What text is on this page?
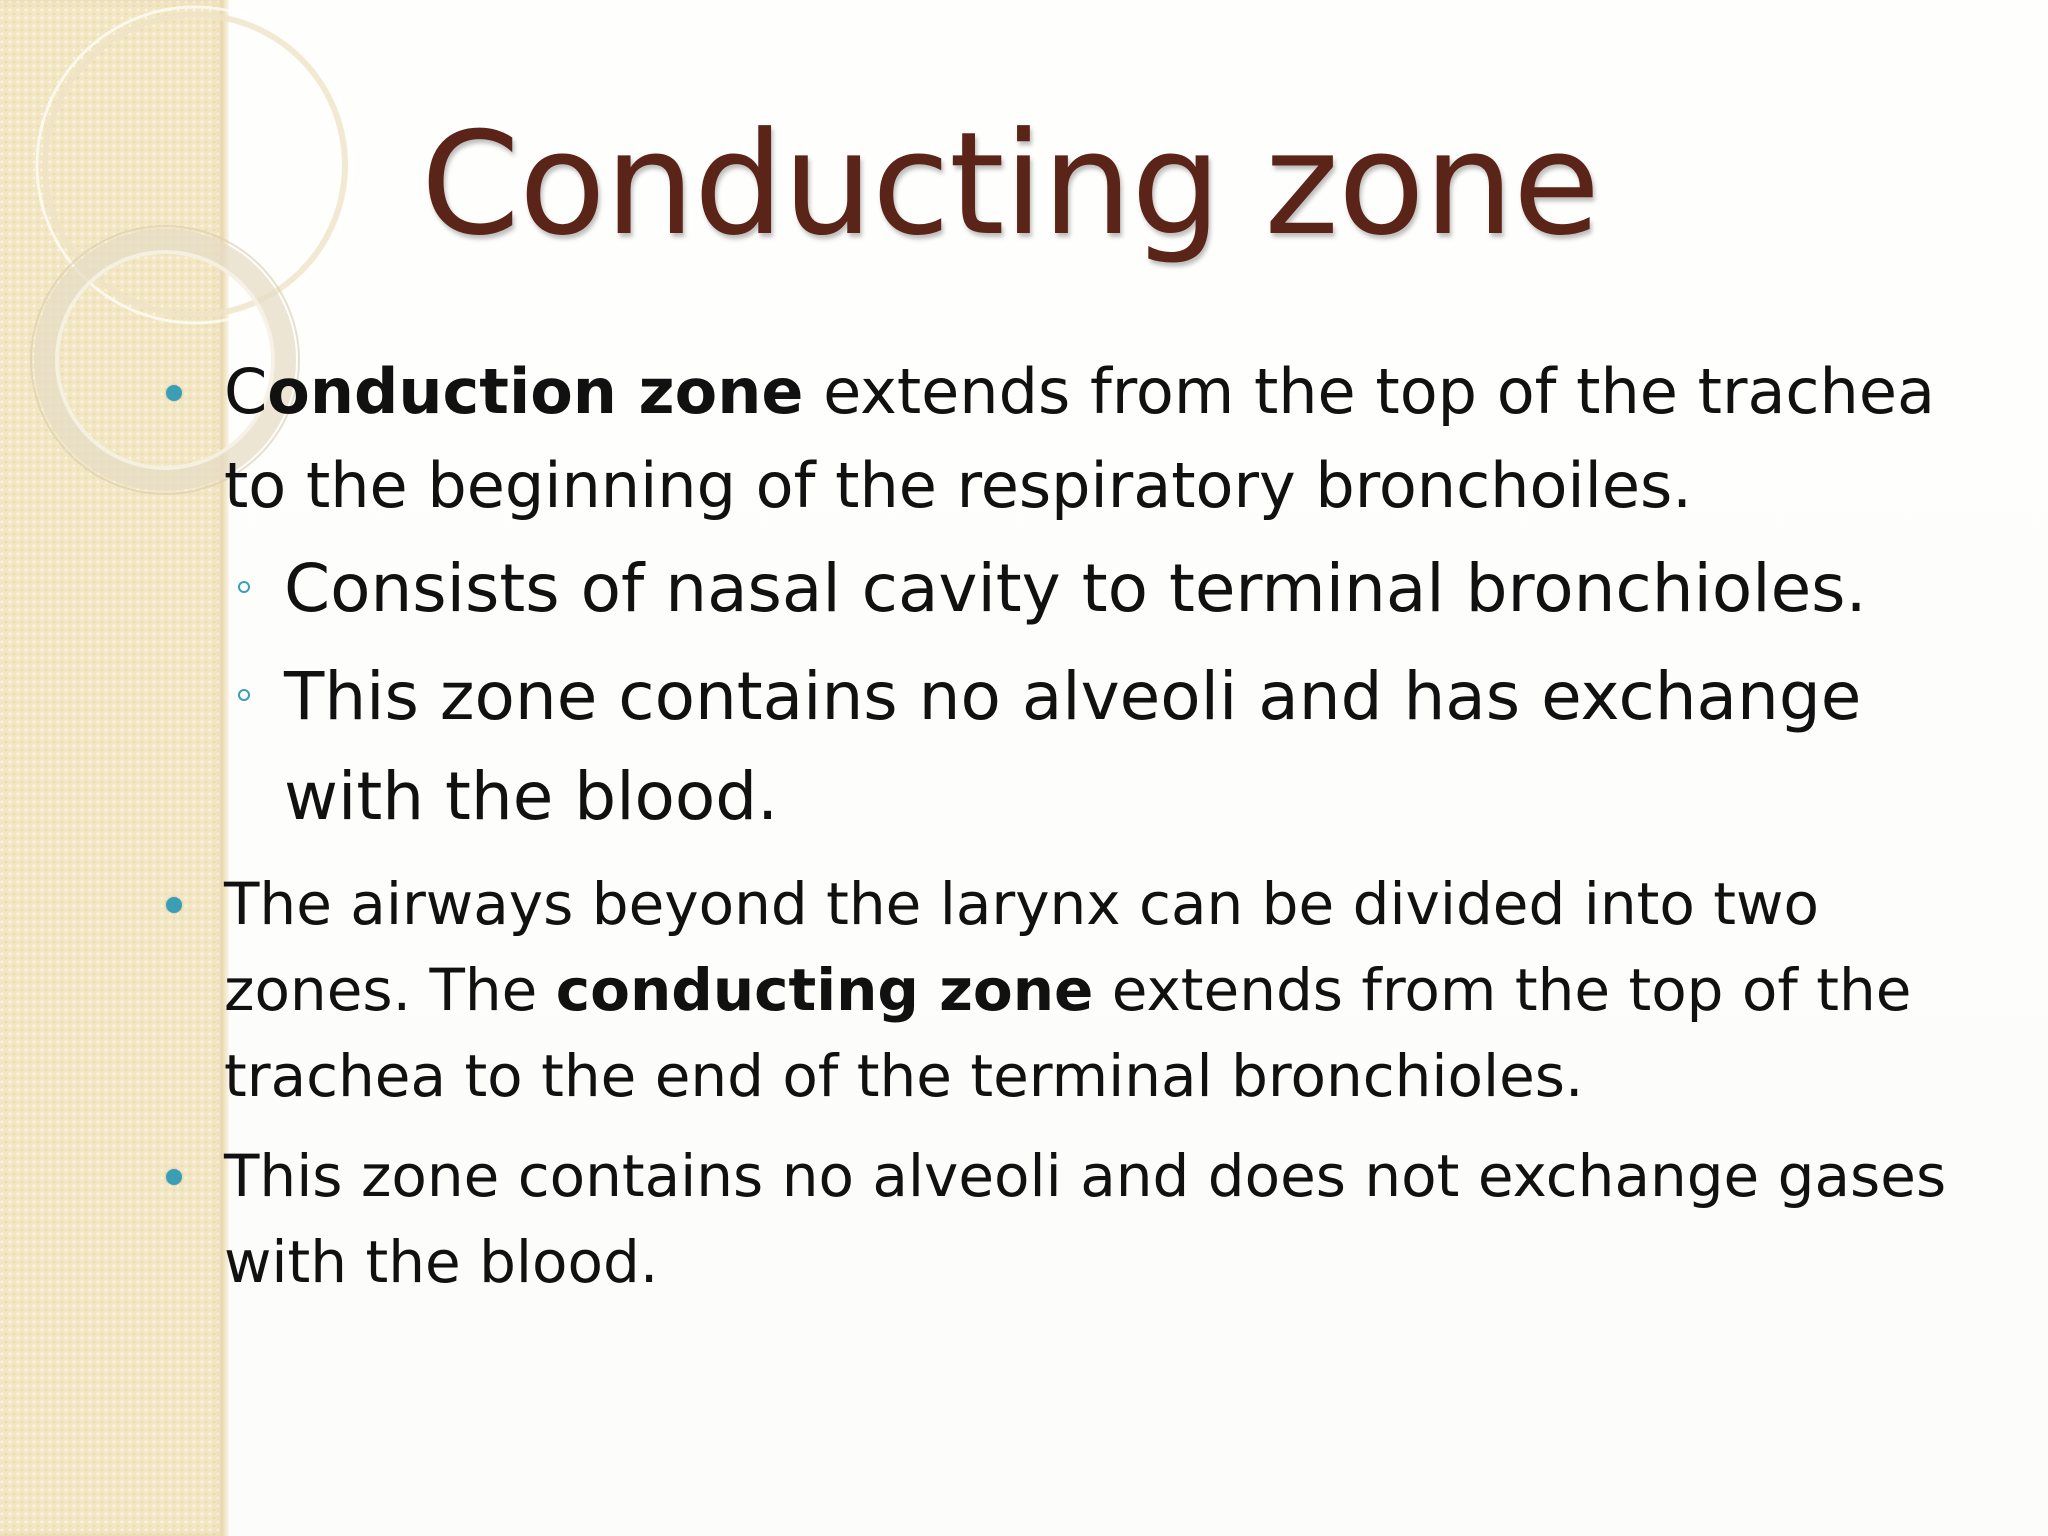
Conducting zone

Conduction zone extends from the top of the trachea to the beginning of the respiratory bronchoiles.

Consists of nasal cavity to terminal bronchioles.

This zone contains no alveoli and has exchange with the blood.

The airways beyond the larynx can be divided into two zones. The conducting zone extends from the top of the trachea to the end of the terminal bronchioles.

This zone contains no alveoli and does not exchange gases with the blood.
